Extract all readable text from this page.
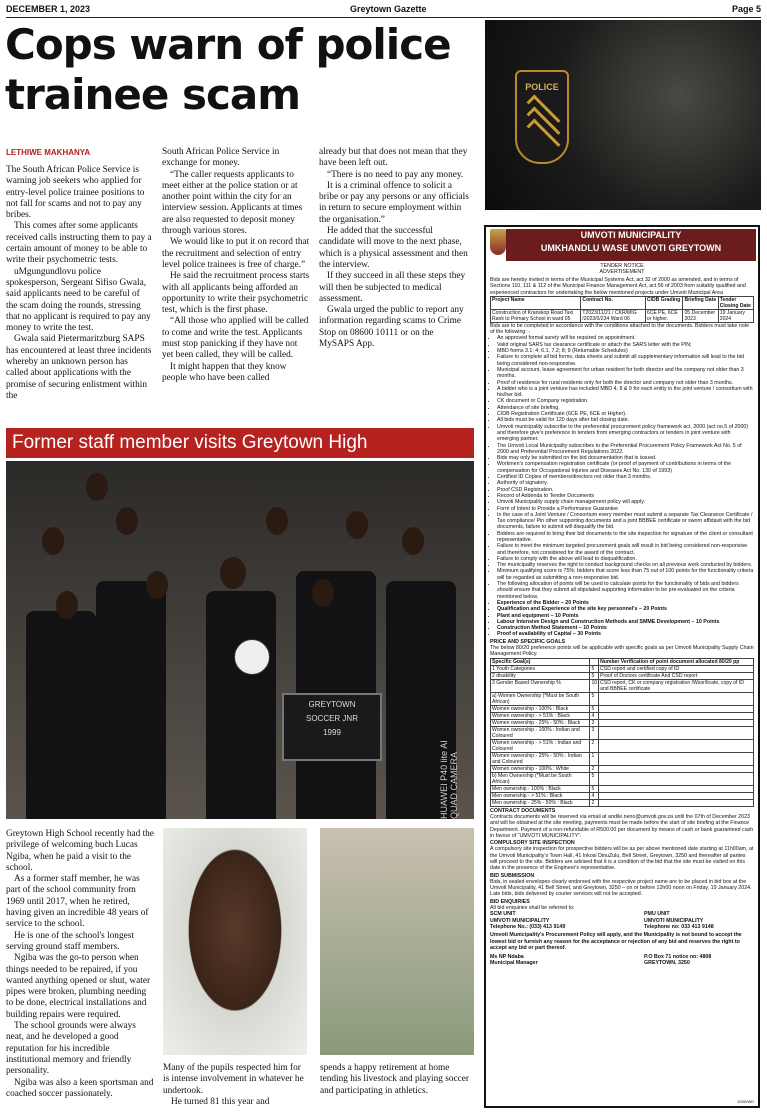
DECEMBER 1, 2023	Greytown Gazette	Page 5
Cops warn of police trainee scam	POLICE
LETHIWE MAKHANYA

The South African Police Service is warning job seekers who applied for entry-level police trainee positions to not fall for scams and not to pay any bribes.

This comes after some applicants received calls instructing them to pay a certain amount of money to be able to write their psychometric tests.

uMgungundlovu police spokesperson, Sergeant Sifiso Gwala, said applicants need to be careful of the scam doing the rounds, stressing that no applicant is required to pay any money to write the test.

Gwala said Pietermaritzburg SAPS has encountered at least three incidents whereby an unknown person has called about applications with the promise of securing enlistment within the

South African Police Service in exchange for money.

“The caller requests applicants to meet either at the police station or at another point within the city for an interview session. Applicants at times are also requested to deposit money through various stores.

We would like to put it on record that the recruitment and selection of entry level police trainees is free of charge.”

He said the recruitment process starts with all applicants being afforded an opportunity to write their psychometric test, which is the first phase.

“All those who applied will be called to come and write the test. Applicants must stop panicking if they have not yet been called, they will be called.

It might happen that they know people who have been called

already but that does not mean that they have been left out.

“There is no need to pay any money.

It is a criminal offence to solicit a bribe or pay any persons or any officials in return to secure employment within the organisation.”

He added that the successful candidate will move to the next phase, which is a physical assessment and then the interview.

If they succeed in all these steps they will then be subjected to medical assessment.

Gwala urged the public to report any information regarding scams to Crime Stop on 08600 10111 or on the MySAPS App.

Former staff member visits Greytown High
GREYTOWN
SOCCER JNR
1999
HUAWEI P40 lite AI QUAD CAMERA

Greytown High School recently had the privilege of welcoming buch Lucas Ngiba, when he paid a visit to the school.

As a former staff member, he was part of the school community from 1969 until 2017, when he retired, having given an incredible 48 years of service to the school.

He is one of the school's longest serving ground staff members.

Ngiba was the go-to person when things needed to be repaired, if you wanted anything opened or shut, water pipes were broken, plumbing needing to be done, electrical installations and building repairs were required.

The school grounds were always neat, and he developed a good reputation for his incredible institutional memory and friendly personality.

Ngiba was also a keen sportsman and coached soccer passionately.

Many of the pupils respected him for is intense involvement in whatever he undertook.

He turned 81 this year and

spends a happy retirement at home tending his livestock and playing soccer and participating in athletics.

UMVOTI MUNICIPALITY
UMKHANDLU WASE UMVOTI GREYTOWN
TENDER NOTICE
ADVERTISEMENT
Bids are hereby invited in terms of the Municipal Systems Act, act 32 of 2000 as amended, and in terms of Sections 110, 111 & 112 of the Municipal Finance Management Act, act 56 of 2003 from suitably qualified and experienced contractors for undertaking the below mentioned projects under Umvoti Municipal Area
Project Name	Contract No.	CIDB Grading	Briefing Date	Tender Closing Date
Construction of Kranskop Road Taxi Rank to Primary School in ward 05	T2023/11/21 / CKR/MIG /2023/0/234 Ward 06	6CE PE, 6CE or higher.	05 December 2023	19 January 2024
Bids are to be completed in accordance with the conditions attached to the documents. Bidders must take note of the following: -
• An approved formal surety will be required on appointment.
• Valid original SARS tax clearance certificate or attach the SARS letter with the PIN;
• MBD forms 3.1; 4; 6.1, 7.2; 8; 9 (Returnable Schedules)
• Failure to complete all bid forms, data sheets and submit all supplementary information will lead to the bid being considered non-responsive.
• Municipal account, lease agreement for urban resident for both director and the company not older than 3 months.
• Proof of residence for rural residents only for both the director and company not older than 3 months.
• A bidder who is a joint venture has included MBD 4, 8 & 9 for each entity in the joint venture / consortium with his/her bid.
• CK document or Company registration.
• Attendance of site briefing.
• CIDB Registration Certificate (6CE PE, 6CE or Higher).
• All bids must be valid for 120 days after bid closing date.
• Umvoti municipality subscribe to the preferential procurement policy framework act, 2000 (act no.5 of 2000) and therefore give's preference to tenders from emerging contractors or tenders in joint venture with emerging partner.
• The Umvoti Local Municipality subscribes to the Preferential Procurement Policy Framework Act No. 5 of 2000 and Preferential Procurement Regulations 2022.
• Bids may only be submitted on the bid documentation that is issued.
• Workmen's compensation registration certificate (or proof of payment of contributions in terms of the compensation for Occupational Injuries and Diseases Act No. 130 of 1993)
• Certified ID Copies of members/directors not older than 3 months.
• Authority of signatory.
• Proof CSD Registration.
• Record of Addenda to Tender Documents
• Umvoti Municipality supply chain management policy will apply.
• Form of Intent to Provide a Performance Guarantee
• In the case of a Joint Venture / Consortium every member must submit a separate Tax Clearance Certificate / Tax compliance/ Pin other supporting documents and a joint BBBEE certificate or sworn affidavit with the bid documents, failure to submit will disqualify the bid.
• Bidders are required to bring their bid documents to the site inspection for signature of the client or consultant representative.
• Failure to meet the minimum targeted procurement goals will result in bid being considered non-responsive and therefore, not considered for the award of the contract.
• Failure to comply with the above will lead to disqualification.
• The municipality reserves the right to conduct background checks on all previous work conducted by bidders.
• Minimum qualifying score is 75%; bidders that score less than 75 out of 100 points for the functionality criteria will be regarded as submitting a non-responsive bid.
• The following allocation of points will be used to calculate points for the functionality of bids and bidders should ensure that they submit all stipulated supporting information to be pre-evaluated on the criteria mentioned below.
• Experience of the Bidder – 20 Points
• Qualification and Experience of the site key personnel's – 20 Points
• Plant and equipment – 10 Points
• Labour Intensive Design and Construction Methods and SMME Development – 10 Points
• Construction Method Statement – 10 Points
• Proof of availability of Capital – 30 Points
PRICE AND SPECIFIC GOALS
The below 80/20 preference points will be applicable with specific goals as per Umvoti Municipality Supply Chain Management Policy.
Specific Goal(s)		Number Verification of point document allocated 80/20 pp
1 Youth Categories	5	CSD report and certified copy of ID
2 disability	5	Proof of Doctors certificate And CSD report
3 Gender Based Ownership %	10	CSD report, CK or company registration /Wsor/licate, copy of ID and BBBEE certificate
a) Women Ownership (*Must be South African)	5	
Women ownership - 100% : Black	5	
Women ownership - > 51% : Black	4	
Women ownership - 25% - 50% : Black	3	
Women ownership - 100% : Indian and Coloured	3	
Women ownership - > 51% : Indian and Coloured	2	
Women ownership - 25% - 50% : Indian and Coloured	1	
Women ownership - 100% : White	2	
b) Men Ownership (*Must be South African)	5	
Men ownership - 100% : Black	5	
Men ownership - > 51% : Black	4	
Men ownership - 25% - 50% : Black	2	
CONTRACT DOCUMENTS
Contracts documents will be reserved via email at andile.neno@umvoti.gov.za until the 07th of December 2023 and will be obtained at the site meeting, payments must be made before the start of site briefing at the Finance Department. Payment of a non-refundable of R500.00 per document by means of cash or bank guaranteed cash in favour of “UMVOTI MUNICIPALITY”.
COMPULSORY SITE INSPECTION
A compulsory site inspection for prospective bidders will be as per above mentioned date starting at 11h00am, at the Umvoti Municipality's Town Hall, 41 Inkosi DinuZulu, Bell Street, Greytown, 3250 and thereafter all parties will proceed to the site. Bidders are advised that it is a condition of the bid that the site must be visited on this date in the presence of the Engineer's representative.
BID SUBMISSION
Bids, in sealed envelopes clearly endorsed with the respective project name are to be placed in bid box at the Umvoti Municipality, 41 Bell Street, and Greytown, 3250 – on or before 12h00 noon on Friday, 19 January 2024. Late bids, bids delivered by courier services will not be accepted.
BID ENQUIRIES
All bid enquiries shall be referred to:
SCM UNIT
UMVOTI MUNICIPALITY
Telephone No.: (033) 413 9149
PMU UNIT
UMVOTI MUNICIPALITY
Telephone no: 033 413 9148
Umvoti Municipality's Procurement Policy will apply, and the Municipality is not bound to accept the lowest bid or furnish any reason for the acceptance or rejection of any bid and reserves the right to accept any bid or part thereof.
Ms NP Ndaba
Municipal Manager
P.O Box 71 notice no: 4808
GREYTOWN, 3250
1000/WD
